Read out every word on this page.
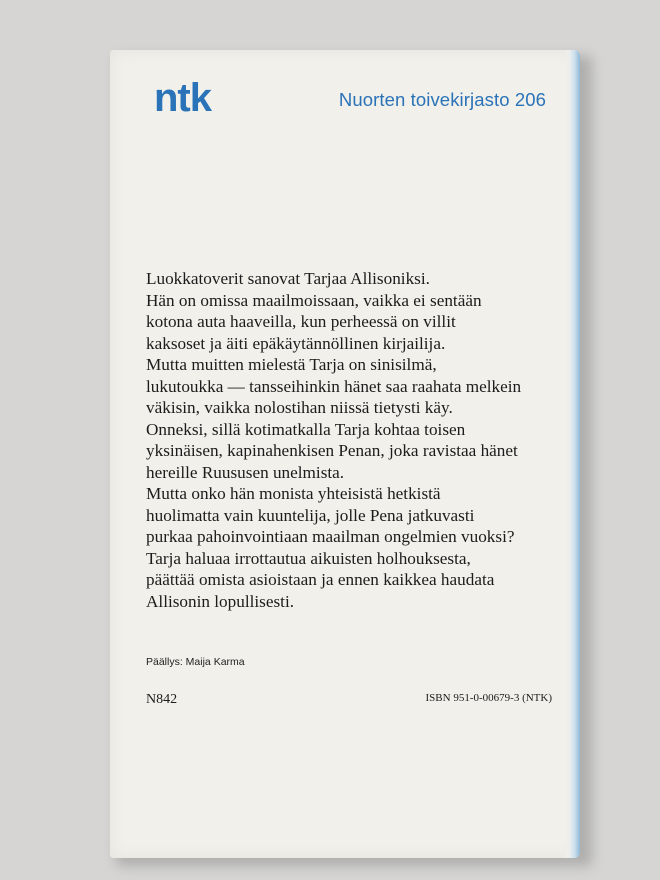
ntk	Nuorten toivekirjasto 206

Luokkatoverit sanovat Tarjaa Allisoniksi.

Hän on omissa maailmoissaan, vaikka ei sentään

kotona auta haaveilla, kun perheessä on villit

kaksoset ja äiti epäkäytännöllinen kirjailija.

Mutta muitten mielestä Tarja on sinisilmä,

lukutoukka — tansseihinkin hänet saa raahata melkein

väkisin, vaikka nolostihan niissä tietysti käy.

Onneksi, sillä kotimatkalla Tarja kohtaa toisen

yksinäisen, kapinahenkisen Penan, joka ravistaa hänet

hereille Ruususen unelmista.

Mutta onko hän monista yhteisistä hetkistä

huolimatta vain kuuntelija, jolle Pena jatkuvasti

purkaa pahoinvointiaan maailman ongelmien vuoksi?

Tarja haluaa irrottautua aikuisten holhouksesta,

päättää omista asioistaan ja ennen kaikkea haudata

Allisonin lopullisesti.

Päällys: Maija Karma
N842	ISBN 951-0-00679-3 (NTK)
